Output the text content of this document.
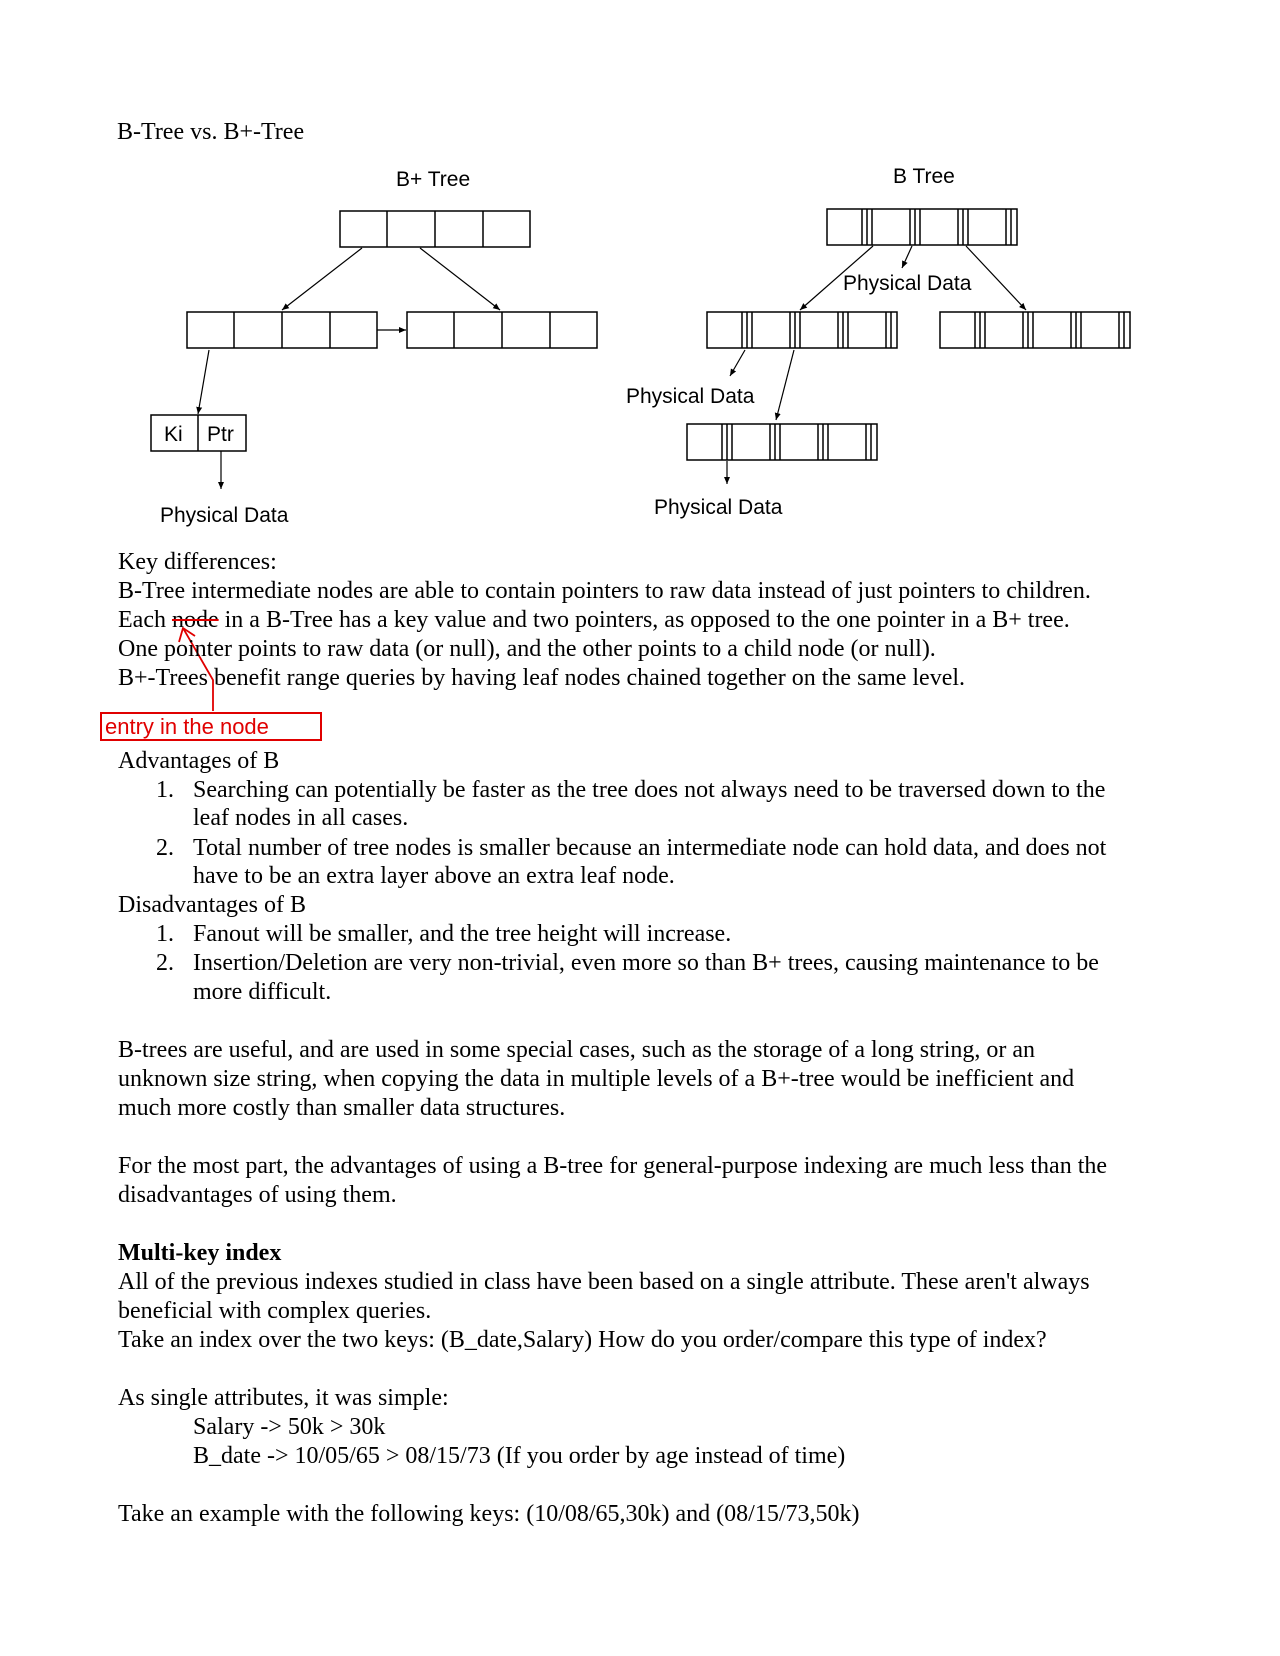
B-Tree vs. B+-Tree
B+ Tree
Ki Ptr
Physical Data
B Tree
Physical Data
Physical Data
Physical Data
Key differences:
B-Tree intermediate nodes are able to contain pointers to raw data instead of just pointers to children.
Each node in a B-Tree has a key value and two pointers, as opposed to the one pointer in a B+ tree.
One pointer points to raw data (or null), and the other points to a child node (or null).
B+-Trees benefit range queries by having leaf nodes chained together on the same level.
entry in the node
Advantages of B
1. Searching can potentially be faster as the tree does not always need to be traversed down to the
leaf nodes in all cases.
2. Total number of tree nodes is smaller because an intermediate node can hold data, and does not
have to be an extra layer above an extra leaf node.
Disadvantages of B
1. Fanout will be smaller, and the tree height will increase.
2. Insertion/Deletion are very non-trivial, even more so than B+ trees, causing maintenance to be
more difficult.
B-trees are useful, and are used in some special cases, such as the storage of a long string, or an
unknown size string, when copying the data in multiple levels of a B+-tree would be inefficient and
much more costly than smaller data structures.
For the most part, the advantages of using a B-tree for general-purpose indexing are much less than the
disadvantages of using them.
Multi-key index
All of the previous indexes studied in class have been based on a single attribute. These aren't always
beneficial with complex queries.
Take an index over the two keys: (B_date,Salary) How do you order/compare this type of index?
As single attributes, it was simple:
Salary -> 50k > 30k
B_date -> 10/05/65 > 08/15/73 (If you order by age instead of time)
Take an example with the following keys: (10/08/65,30k) and (08/15/73,50k)
